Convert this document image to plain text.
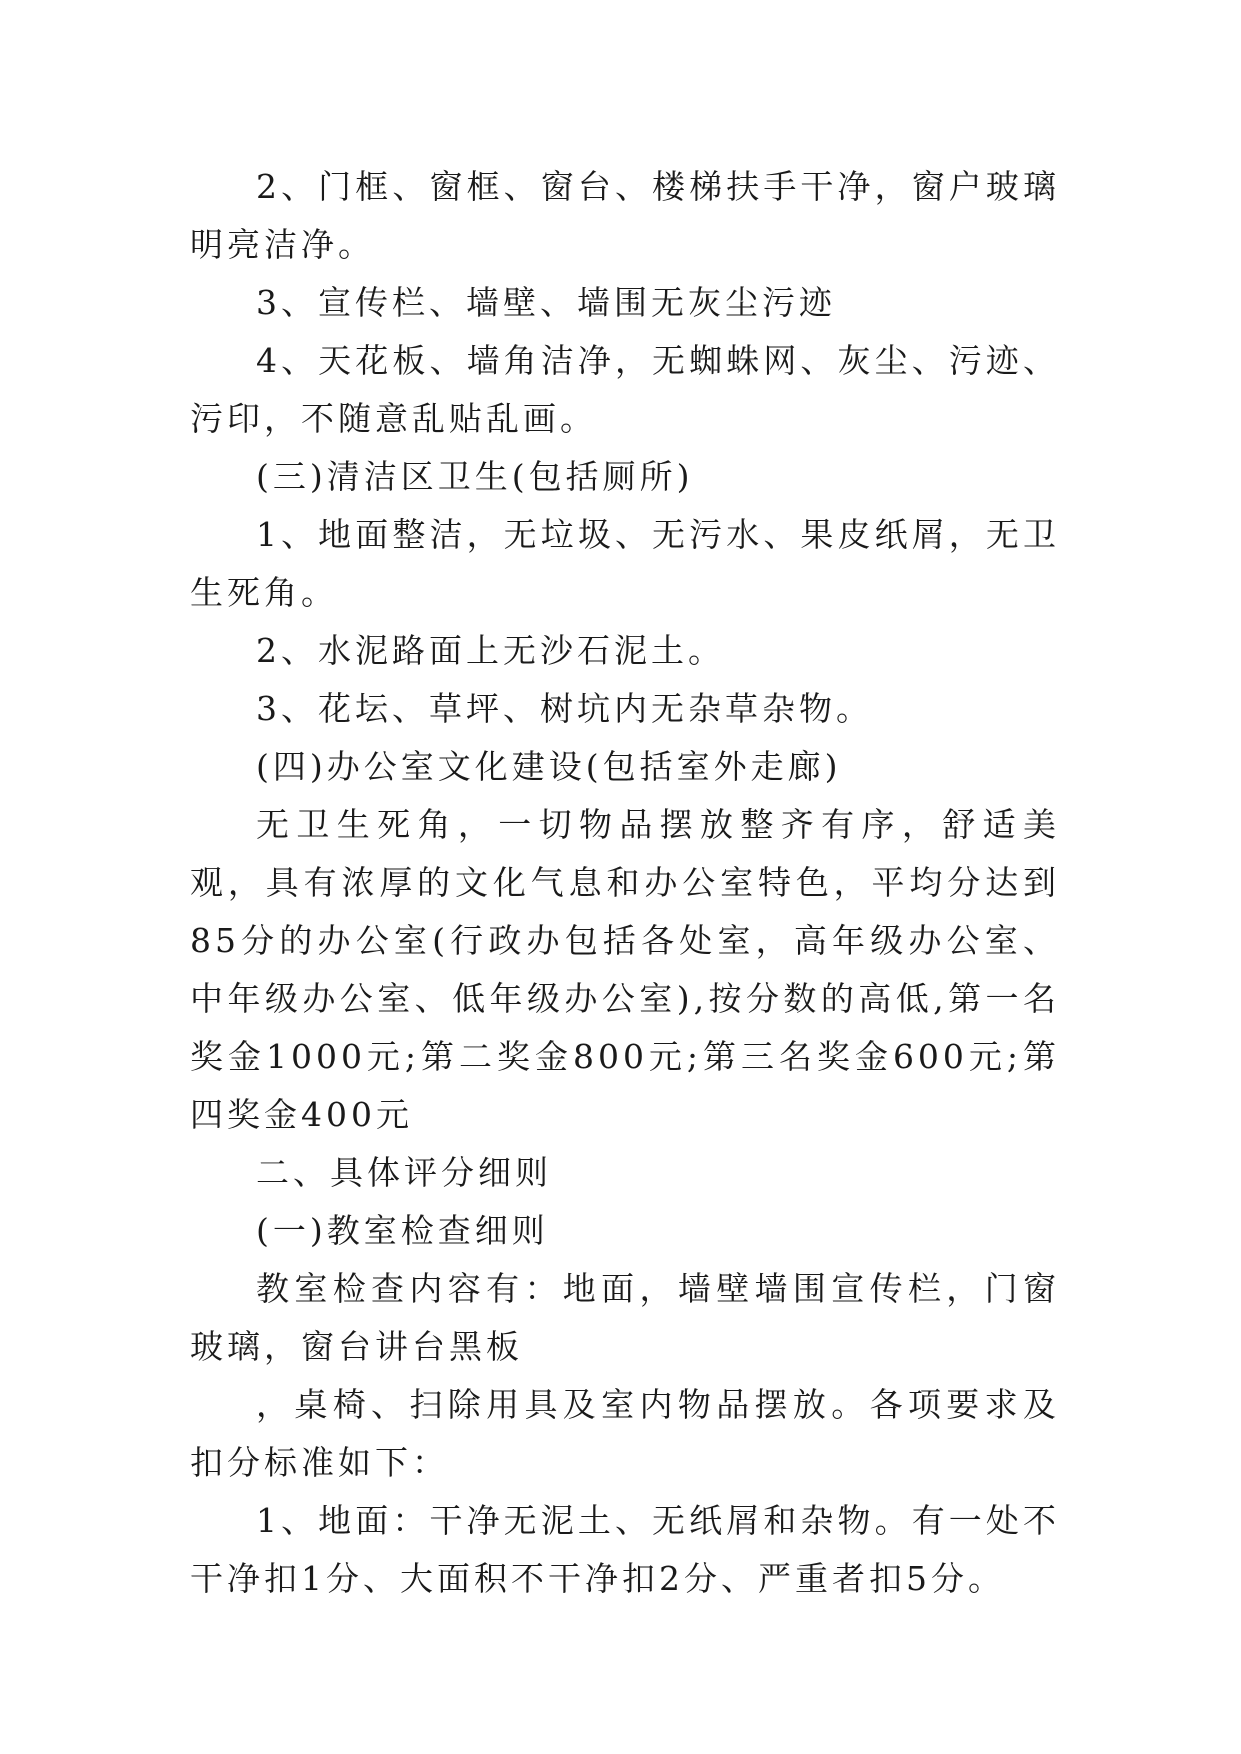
2、门框、窗框、窗台、楼梯扶手干净，窗户玻璃明亮洁净。

3、宣传栏、墙壁、墙围无灰尘污迹

4、天花板、墙角洁净，无蜘蛛网、灰尘、污迹、污印，不随意乱贴乱画。

(三)清洁区卫生(包括厕所)

1、地面整洁，无垃圾、无污水、果皮纸屑，无卫生死角。

2、水泥路面上无沙石泥土。

3、花坛、草坪、树坑内无杂草杂物。

(四)办公室文化建设(包括室外走廊)

无卫生死角，一切物品摆放整齐有序，舒适美观，具有浓厚的文化气息和办公室特色，平均分达到85分的办公室(行政办包括各处室，高年级办公室、中年级办公室、低年级办公室),按分数的高低,第一名奖金1000元;第二奖金800元;第三名奖金600元;第四奖金400元

二、具体评分细则

(一)教室检查细则

教室检查内容有：地面，墙壁墙围宣传栏，门窗玻璃，窗台讲台黑板

，桌椅、扫除用具及室内物品摆放。各项要求及扣分标准如下：

1、地面：干净无泥土、无纸屑和杂物。有一处不干净扣1分、大面积不干净扣2分、严重者扣5分。
